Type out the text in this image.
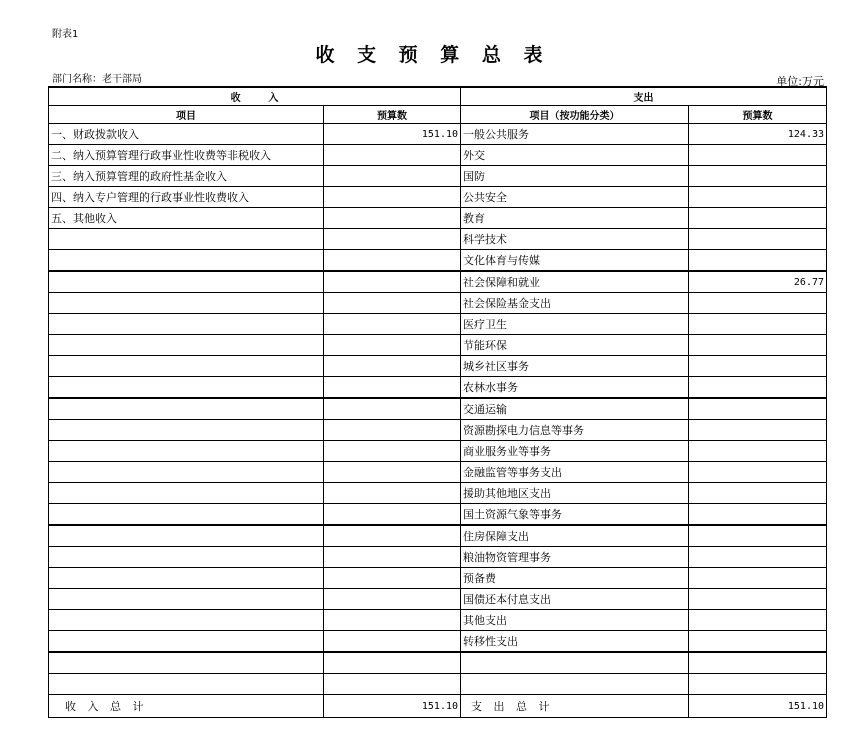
附表1
收 支 预 算 总 表
部门名称：老干部局	单位:万元
收        入		支出	
项目	预算数	项目（按功能分类）	预算数
一、财政拨款收入	151.10	一般公共服务	124.33
二、纳入预算管理行政事业性收费等非税收入		外交	
三、纳入预算管理的政府性基金收入		国防	
四、纳入专户管理的行政事业性收费收入		公共安全	
五、其他收入		教育	
		科学技术	
		文化体育与传媒	
		社会保障和就业	26.77
		社会保险基金支出	
		医疗卫生	
		节能环保	
		城乡社区事务	
		农林水事务	
		交通运输	
		资源勘探电力信息等事务	
		商业服务业等事务	
		金融监管等事务支出	
		援助其他地区支出	
		国土资源气象等事务	
		住房保障支出	
		粮油物资管理事务	
		预备费	
		国债还本付息支出	
		其他支出	
		转移性支出	

收 入 总 计	151.10	支 出 总 计	151.10
